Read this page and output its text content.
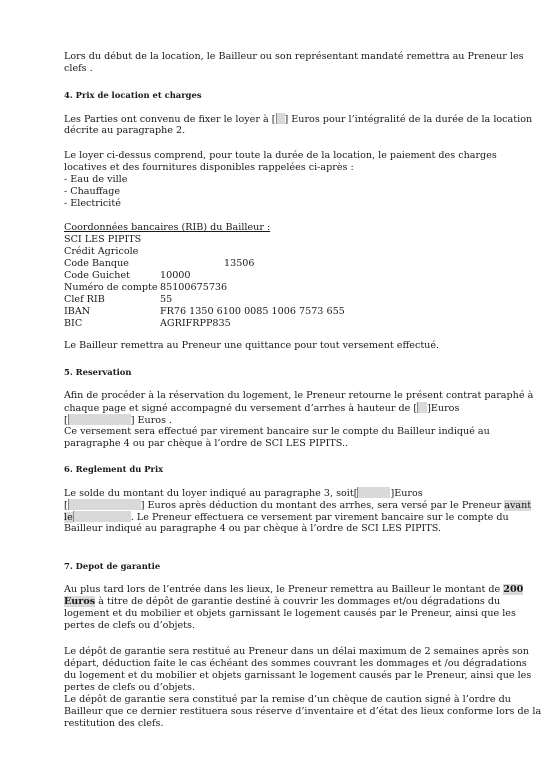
Lors du début de la location, le Bailleur ou son représentant mandaté remettra au Preneur les
clefs .
4. Prix de location et charges
Les Parties ont convenu de fixer le loyer à [ ] Euros pour l’intégralité de la durée de la location
décrite au paragraphe 2.
Le loyer ci-dessus comprend, pour toute la durée de la location, le paiement des charges
locatives et des fournitures disponibles rappelées ci-après :
- Eau de ville
- Chauffage
- Electricité
Coordonnées bancaires (RIB) du Bailleur :
SCI LES PIPITS
Crédit Agricole
Code Banque	13506
Code Guichet	10000
Numéro de compte 85100675736
Clef RIB	55
IBAN	FR76 1350 6100 0085 1006 7573 655
BIC	AGRIFRPP835
Le Bailleur remettra au Preneur une quittance pour tout versement effectué.
5. Reservation
Afin de procéder à la réservation du logement, le Preneur retourne le présent contrat paraphé à
chaque page et signé accompagné du versement d’arrhes à hauteur de [ ]Euros
[	] Euros .
Ce versement sera effectué par virement bancaire sur le compte du Bailleur indiqué au
paragraphe 4 ou par chèque à l’ordre de SCI LES PIPITS..
6. Reglement du Prix
Le solde du montant du loyer indiqué au paragraphe 3, soit[	]Euros
[	] Euros après déduction du montant des arrhes, sera versé par le Preneur avant
le	. Le Preneur effectuera ce versement par virement bancaire sur le compte du
Bailleur indiqué au paragraphe 4 ou par chèque à l’ordre de SCI LES PIPITS.
7. Depot de garantie
Au plus tard lors de l’entrée dans les lieux, le Preneur remettra au Bailleur le montant de 200
Euros à titre de dépôt de garantie destiné à couvrir les dommages et/ou dégradations du
logement et du mobilier et objets garnissant le logement causés par le Preneur, ainsi que les
pertes de clefs ou d’objets.
Le dépôt de garantie sera restitué au Preneur dans un délai maximum de 2 semaines après son
départ, déduction faite le cas échéant des sommes couvrant les dommages et /ou dégradations
du logement et du mobilier et objets garnissant le logement causés par le Preneur, ainsi que les
pertes de clefs ou d’objets.
Le dépôt de garantie sera constitué par la remise d’un chèque de caution signé à l’ordre du
Bailleur que ce dernier restituera sous réserve d’inventaire et d’état des lieux conforme lors de la
restitution des clefs.
